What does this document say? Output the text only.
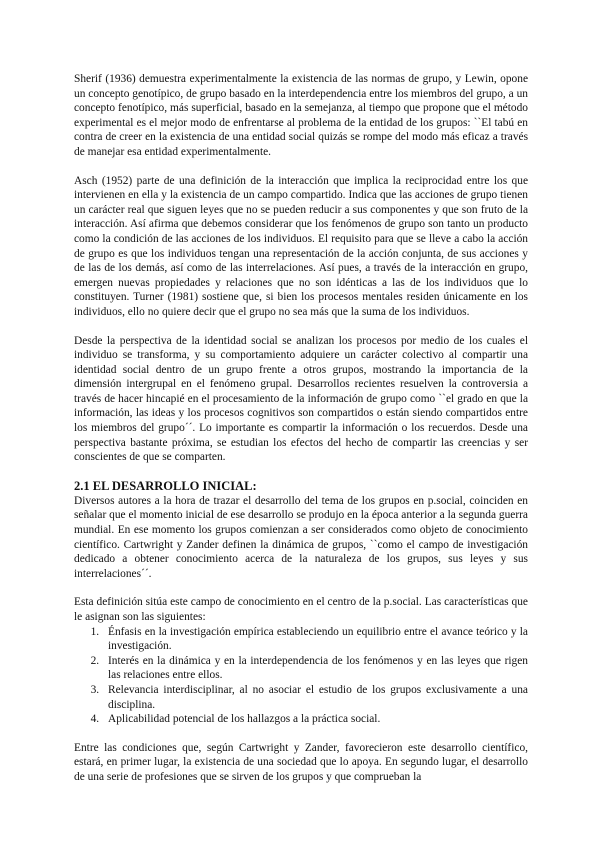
Sherif (1936) demuestra experimentalmente la existencia de las normas de grupo, y Lewin, opone un concepto genotípico, de grupo basado en la interdependencia entre los miembros del grupo, a un concepto fenotípico, más superficial, basado en la semejanza, al tiempo que propone que el método experimental es el mejor modo de enfrentarse al problema de la entidad de los grupos: ``El tabú en contra de creer en la existencia de una entidad social quizás se rompe del modo más eficaz a través de manejar esa entidad experimentalmente.

Asch (1952) parte de una definición de la interacción que implica la reciprocidad entre los que intervienen en ella y la existencia de un campo compartido. Indica que las acciones de grupo tienen un carácter real que siguen leyes que no se pueden reducir a sus componentes y que son fruto de la interacción. Así afirma que debemos considerar que los fenómenos de grupo son tanto un producto como la condición de las acciones de los individuos. El requisito para que se lleve a cabo la acción de grupo es que los individuos tengan una representación de la acción conjunta, de sus acciones y de las de los demás, así como de las interrelaciones. Así pues, a través de la interacción en grupo, emergen nuevas propiedades y relaciones que no son idénticas a las de los individuos que lo constituyen. Turner (1981) sostiene que, si bien los procesos mentales residen únicamente en los individuos, ello no quiere decir que el grupo no sea más que la suma de los individuos.

Desde la perspectiva de la identidad social se analizan los procesos por medio de los cuales el individuo se transforma, y su comportamiento adquiere un carácter colectivo al compartir una identidad social dentro de un grupo frente a otros grupos, mostrando la importancia de la dimensión intergrupal en el fenómeno grupal. Desarrollos recientes resuelven la controversia a través de hacer hincapié en el procesamiento de la información de grupo como ``el grado en que la información, las ideas y los procesos cognitivos son compartidos o están siendo compartidos entre los miembros del grupo´´. Lo importante es compartir la información o los recuerdos. Desde una perspectiva bastante próxima, se estudian los efectos del hecho de compartir las creencias y ser conscientes de que se comparten.

2.1 EL DESARROLLO INICIAL:

Diversos autores a la hora de trazar el desarrollo del tema de los grupos en p.social, coinciden en señalar que el momento inicial de ese desarrollo se produjo en la época anterior a la segunda guerra mundial. En ese momento los grupos comienzan a ser considerados como objeto de conocimiento científico. Cartwright y Zander definen la dinámica de grupos, ``como el campo de investigación dedicado a obtener conocimiento acerca de la naturaleza de los grupos, sus leyes y sus interrelaciones´´.

Esta definición sitúa este campo de conocimiento en el centro de la p.social. Las características que le asignan son las siguientes:

1. Énfasis en la investigación empírica estableciendo un equilibrio entre el avance teórico y la investigación.
2. Interés en la dinámica y en la interdependencia de los fenómenos y en las leyes que rigen las relaciones entre ellos.
3. Relevancia interdisciplinar, al no asociar el estudio de los grupos exclusivamente a una disciplina.
4. Aplicabilidad potencial de los hallazgos a la práctica social.

Entre las condiciones que, según Cartwright y Zander, favorecieron este desarrollo científico, estará, en primer lugar, la existencia de una sociedad que lo apoya. En segundo lugar, el desarrollo de una serie de profesiones que se sirven de los grupos y que comprueban la
